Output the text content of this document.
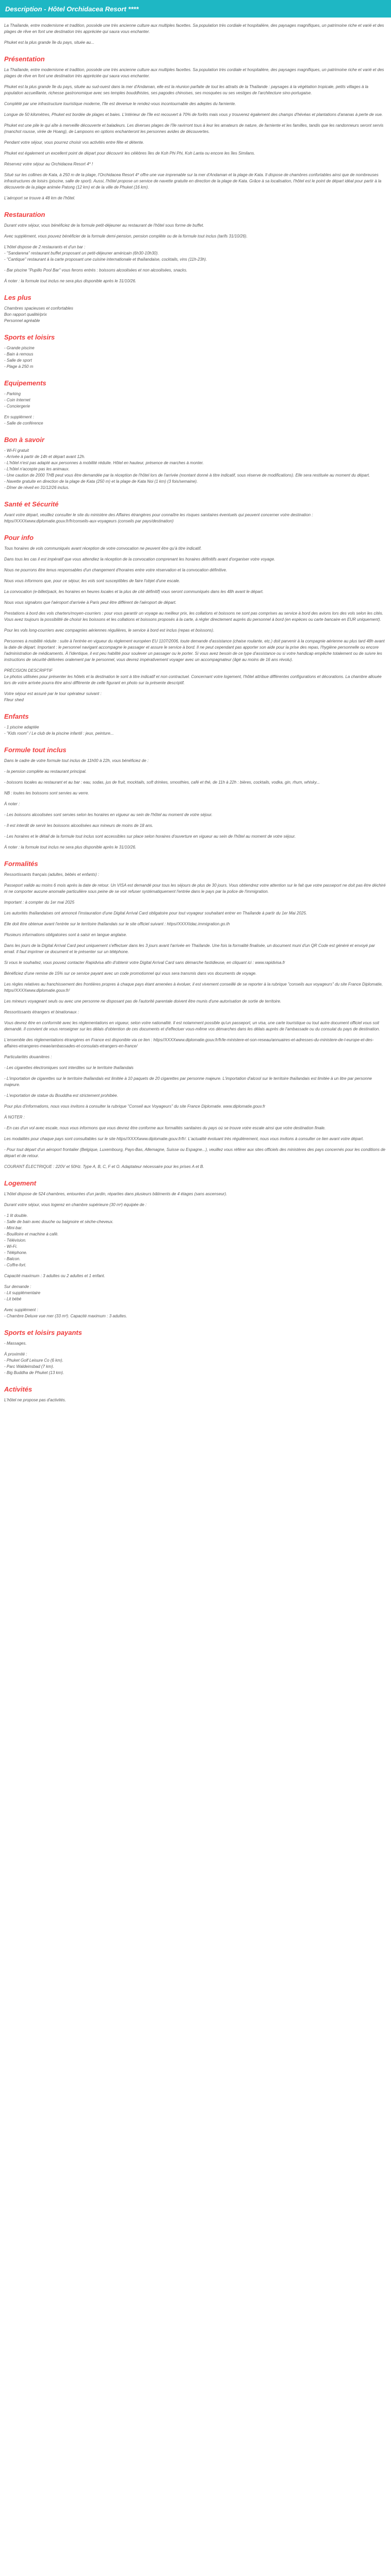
Description - Hôtel Orchidacea Resort ****

La Thaïlande, entre modernisme et tradition, possède une très ancienne culture aux multiples facettes. Sa population très cordiale et hospitalière, des paysages magnifiques, un patrimoine riche et varié et des plages de rêve en font une destination très appréciée qui saura vous enchanter.

Phuket est la plus grande île du pays, située au...

Présentation

La Thaïlande, entre modernisme et tradition, possède une très ancienne culture aux multiples facettes. Sa population très cordiale et hospitalière, des paysages magnifiques, un patrimoine riche et varié et des plages de rêve en font une destination très appréciée qui saura vous enchanter.

Phuket est la plus grande île du pays, située au sud-ouest dans la mer d'Andaman, elle est la réunion parfaite de tout les attraits de la Thaïlande : paysages à la végétation tropicale, petits villages à la population accueillante, richesse gastronomique avec ses temples bouddhistes, ses pagodes chinoises, ses mosquées ou ses vestiges de l'architecture sino-portugaise.

Complété par une infrastructure touristique moderne, l'île est devenue le rendez-vous incontournable des adeptes du farniente.

Longue de 50 kilomètres, Phuket est bordée de plages et baies. L'intérieur de l'île est recouvert à 70% de forêts mais vous y trouverez également des champs d'hévéas et plantations d'ananas à perte de vue.

Phuket est une pile le qui aîte à merveille découverte et baladeurs. Les diverses plages de l'île ravirront tous à leur les amateurs de nature, de farniente et les familles, tandis que les randonneurs seront servis (manchot rousse, virée de Hoang), de Lampoons en options enchanteront les personnes avides de découvertes.

Pendant votre séjour, vous pourrez choisir vos activités entre fête et détente.

Phuket est également un excellent point de départ pour découvrir les célèbres îles de Koh Phi Phi, Koh Lanta ou encore les îles Similans.

Réservez votre séjour au Orchidacea Resort 4* !

Situé sur les collines de Kata, à 250 m de la plage, l'Orchidacea Resort 4* offre une vue imprenable sur la mer d'Andaman et la plage de Kata. Il dispose de chambres confortables ainsi que de nombreuses infrastructures de loisirs (piscine, salle de sport). Aussi, l'hôtel propose un service de navette gratuite en direction de la plage de Kata. Grâce à sa localisation, l'hôtel est le point de départ idéal pour partir à la découverte de la plage animée Patong (12 km) et de la ville de Phuket (16 km).

L'aéroport se trouve à 48 km de l'hôtel.

Restauration

Durant votre séjour, vous bénéficiez de la formule petit-déjeuner au restaurant de l'hôtel sous forme de buffet.

Avec supplément, vous pouvez bénéficier de la formule demi-pension, pension complète ou de la formule tout inclus (tarifs 31/10/26).

L'hôtel dispose de 2 restaurants et d'un bar :

- "Sandarena" restaurant buffet proposant un petit-déjeuner américain (6h30-10h30).

- "Cantique" restaurant à la carte proposant une cuisine internationale et thaïlandaise, cocktails, vins (11h-23h).

- Bar piscine "Pupillo Pool Bar" vous ferons entrés : boissons alcoolisées et non alcoolisées, snacks.

À noter : la formule tout inclus ne sera plus disponible après le 31/10/26.

Les plus

Chambres spacieuses et confortables

Bon rapport qualité/prix

Personnel agréable

Sports et loisirs

- Grande piscine

- Bain à remous

- Salle de sport

- Plage à 250 m

Equipements

- Parking

- Coin Internet

- Conciergerie

En supplément :

- Salle de conférence

Bon à savoir

- Wi-Fi gratuit

- Arrivée à partir de 14h et départ avant 12h.

- L'hôtel n'est pas adapté aux personnes à mobilité réduite. Hôtel en hauteur, présence de marches à monter.

- L'hôtel n'accepte pas les animaux.

- Une caution de 2000 THB peut vous être demandée par la réception de l'hôtel lors de l'arrivée (montant donné à titre indicatif, sous réserve de modifications). Elle sera restituée au moment du départ.

- Navette gratuite en direction de la plage de Kata (250 m) et la plage de Kata Noi (1 km) (3 fois/semaine).

- Dîner de réveil en 31/12/26 inclus.

Santé et Sécurité

Avant votre départ, veuillez consulter le site du ministère des Affaires étrangères pour connaître les risques sanitaires éventuels qui peuvent concerner votre destination : https//XXXXwww.diplomatie.gouv.fr/fr/conseils-aux-voyageurs (conseils par pays/destination)

Pour info

Tous horaires de vols communiqués avant réception de votre convocation ne peuvent être qu'à titre indicatif.

Dans tous les cas il est impératif que vous attendiez la réception de la convocation comprenant les horaires définitifs avant d'organiser votre voyage.

Nous ne pourrons être tenus responsables d'un changement d'horaires entre votre réservation et la convocation définitive.

Nous vous informons que, pour ce séjour, les vols sont susceptibles de faire l'objet d'une escale.

La convocation (e-billet/pack, les horaires en heures locales et la plus de cité définitif) vous seront communiqués dans les 48h avant le départ.

Nous vous signalons que l'aéroport d'arrivée à Paris peut être différent de l'aéroport de départ.

Prestations à bord des vols charters/moyen-courriers : pour vous garantir un voyage au meilleur prix, les collations et boissons ne sont pas comprises au service à bord des avions lors des vols selon les cités. Vous avez toujours la possibilité de choisir les boissons et les collations et boissons proposés à la carte, à régler directement auprès du personnel à bord (en espèces ou carte bancaire en EUR uniquement).

Pour les vols long-courriers avec compagnies aériennes régulières, le service à bord est inclus (repas et boissons).

Personnes à mobilité réduite : suite à l'entrée en vigueur du règlement européen EU 1107/2006, toute demande d'assistance (chaise roulante, etc.) doit parvenir à la compagnie aérienne au plus tard 48h avant la date de départ. Important : le personnel navigant accompagne le passager et assure le service à bord. Il ne peut cependant pas apporter son aide pour la prise des repas, l'hygiène personnelle ou encore l'administration de médicaments. À l'identique, il est peu habilité pour soulever un passager ou le porter. Si vous avez besoin de ce type d'assistance ou si votre handicap empêche totalement ou de suivre les instructions de sécurité délivrées oralement par le personnel, vous devrez impérativement voyager avec un accompagnateur (âgé au moins de 16 ans révolu).

PRÉCISION DESCRIPTIF

Le photos utilisées pour présenter les hôtels et la destination le sont à titre indicatif et non contractuel. Concernant votre logement, l'hôtel attribue différentes configurations et décorations. La chambre allouée lors de votre arrivée pourra être ainsi différente de celle figurant en photo sur la présente descriptif.

Votre séjour est assuré par le tour opérateur suivant :

Fleur shed

Enfants

- 1 piscine adaptée

- "Kids room" / Le club de la piscine infantil : jeux, peinture...

Formule tout inclus

Dans le cadre de votre formule tout inclus de 11h00 à 22h, vous bénéficiez de :

- la pension complète au restaurant principal.

- boissons locales au restaurant et au bar : eau, sodas, jus de fruit, mocktails, soft drinkes, smoothies, café et thé, de 11h à 22h : bières, cocktails, vodka, gin, rhum, whisky...

NB : toutes les boissons sont servies au verre.

À noter :

- Les boissons alcoolisées sont servies selon les horaires en vigueur au sein de l'hôtel au moment de votre séjour.

- Il est interdit de servir les boissons alcoolisées aux mineurs de moins de 18 ans.

- Les horaires et le détail de la formule tout inclus sont accessibles sur place selon horaires d'ouverture en vigueur au sein de l'hôtel au moment de votre séjour.

À noter : la formule tout inclus ne sera plus disponible après le 31/10/26.

Formalités

Ressortissants français (adultes, bébés et enfants) :

Passeport valide au moins 6 mois après la date de retour. Un VISA est demandé pour tous les séjours de plus de 30 jours. Vous obtiendrez votre attention sur le fait que votre passeport ne doit pas être déchiré ni ne comporter aucune anomalie particulière sous peine de se voir refuser systématiquement l'entrée dans le pays par la police de l'immigration.

Important : à compter du 1er mai 2025

Les autorités thaïlandaises ont annoncé l'instauration d'une Digital Arrival Card obligatoire pour tout voyageur souhaitant entrer en Thaïlande à partir du 1er Mai 2025.

Elle doit être obtenue avant l'entrée sur le territoire thaïlandais sur le site officiel suivant : https//XXXXtdac.immigration.go.th

Plusieurs informations obligatoires sont à saisir en langue anglaise.

Dans les jours de la Digital Arrival Card peut uniquement s'effectuer dans les 3 jours avant l'arrivée en Thaïlande. Une fois la formalité finalisée, un document muni d'un QR Code est généré et envoyé par email. Il faut imprimer ce document et le présenter sur un téléphone.

Si vous le souhaitez, vous pouvez contacter Rapidvisa afin d'obtenir votre Digital Arrival Card sans démarche fastidieuse, en cliquant ici : www.rapidvisa.fr

Bénéficiez d'une remise de 15% sur ce service payant avec un code promotionnel qui vous sera transmis dans vos documents de voyage.

Les règles relatives au franchissement des frontières propres à chaque pays étant amenées à évoluer, il est vivement conseillé de se reporter à la rubrique "conseils aux voyageurs" du site France Diplomatie, https//XXXXwww.diplomatie.gouv.fr/

Les mineurs voyageant seuls ou avec une personne ne disposant pas de l'autorité parentale doivent être munis d'une autorisation de sortie de territoire.

Ressortissants étrangers et binationaux :

Vous devrez être en conformité avec les réglementations en vigueur, selon votre nationalité. Il est notamment possible qu'un passeport, un visa, une carte touristique ou tout autre document officiel vous soit demandé. Il convient de vous renseigner sur les délais d'obtention de ces documents et d'effectuer vous-même vos démarches dans les délais auprès de l'ambassade ou du consulat du pays de destination.

L'ensemble des réglementations étrangères en France est disponible via ce lien : https//XXXXwww.diplomatie.gouv.fr/fr/le-ministere-et-son-reseau/annuaires-et-adresses-du-ministere-de-l-europe-et-des-affaires-etrangeres-meae/ambassades-et-consulats-etrangers-en-france/

Particularités douanières :

- Les cigarettes électroniques sont interdites sur le territoire thaïlandais

- L'importation de cigarettes sur le territoire thaïlandais est limitée à 10 paquets de 20 cigarettes par personne majeure. L'importation d'alcool sur le territoire thaïlandais est limitée à un litre par personne majeure.

- L'exportation de statue du Bouddha est strictement prohibée.

Pour plus d'informations, nous vous invitons à consulter la rubrique "Conseil aux Voyageurs" du site France Diplomatie. www.diplomatie.gouv.fr

À NOTER :

- En cas d'un vol avec escale, nous vous informons que vous devrez être conforme aux formalités sanitaires du pays où se trouve votre escale ainsi que votre destination finale.

Les modalités pour chaque pays sont consultables sur le site https//XXXXwww.diplomatie.gouv.fr/fr/. L'actualité évoluant très régulièrement, nous vous invitons à consulter ce lien avant votre départ.

- Pour tout départ d'un aéroport frontalier (Belgique, Luxembourg, Pays-Bas, Allemagne, Suisse ou Espagne...), veuillez vous référer aux sites officiels des ministères des pays concernés pour les conditions de départ et de retour.

COURANT ÉLECTRIQUE : 220V et 50Hz. Type A, B, C, F et O. Adaptateur nécessaire pour les prises A et B.

Logement

L'hôtel dispose de 524 chambres, entourées d'un jardin, réparties dans plusieurs bâtiments de 4 étages (sans ascenseur).

Durant votre séjour, vous logerez en chambre supérieure (30 m²) équipée de :

- 1 lit double.

- Salle de bain avec douche ou baignoire et sèche-cheveux.

- Mini-bar.

- Bouilloire et machine à café.

- Télévision.

- Wi-Fi.

- Téléphone.

- Balcon.

- Coffre-fort.

Capacité maximum : 3 adultes ou 2 adultes et 1 enfant.

Sur demande :

- Lit supplémentaire

- Lit bébé

Avec supplément :

- Chambre Deluxe vue mer (33 m²). Capacité maximum : 3 adultes.

Sports et loisirs payants

- Massages.

À proximité :

- Phuket Golf Leisure Co (6 km).

- Parc Waldeinsbad (7 km).

- Big Buddha de Phuket (13 km).

Activités

L'hôtel ne propose pas d'activités.
